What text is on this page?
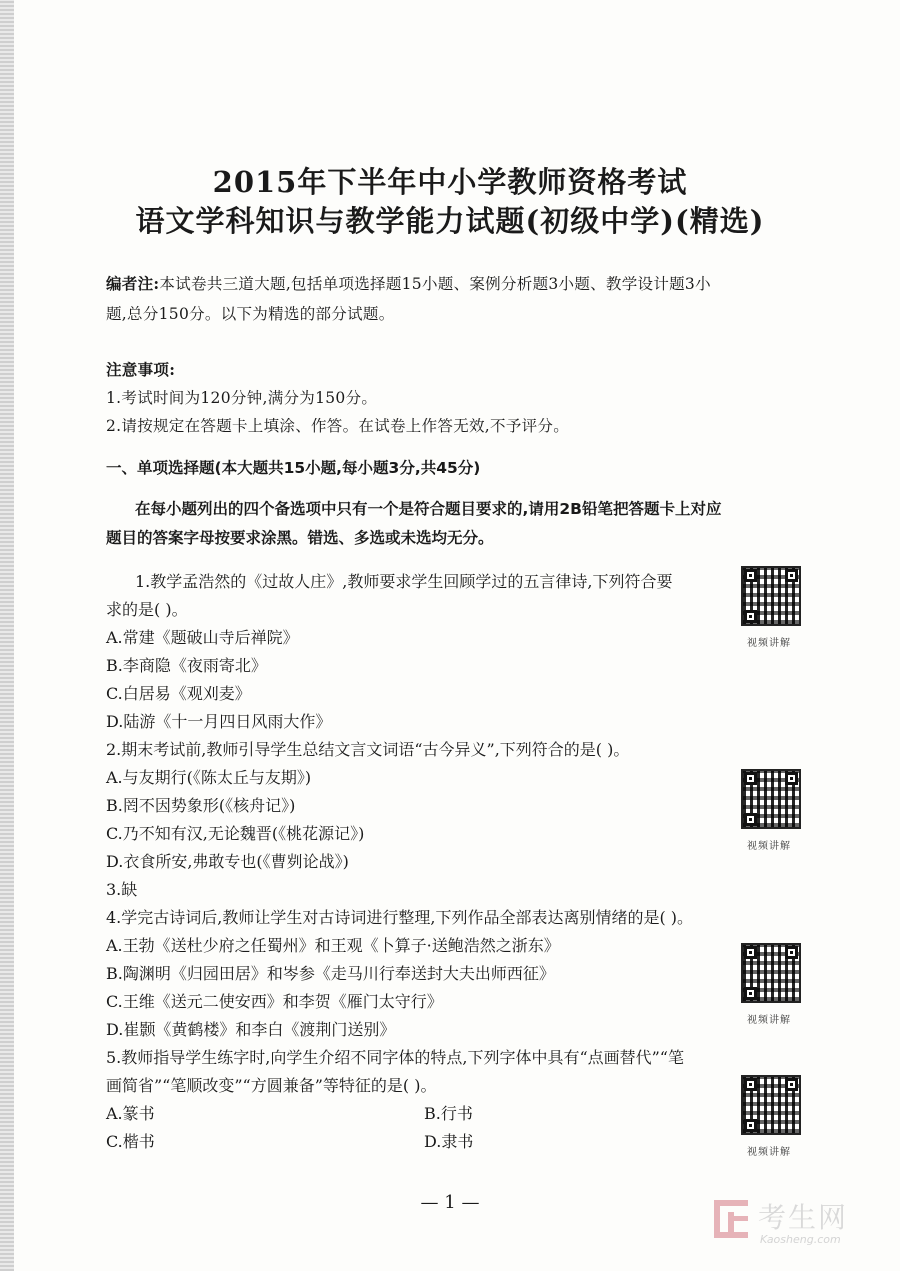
2015年下半年中小学教师资格考试
语文学科知识与教学能力试题(初级中学)(精选)
编者注:本试卷共三道大题,包括单项选择题15小题、案例分析题3小题、教学设计题3小
题,总分150分。以下为精选的部分试题。
注意事项:
1.考试时间为120分钟,满分为150分。
2.请按规定在答题卡上填涂、作答。在试卷上作答无效,不予评分。
一、单项选择题(本大题共15小题,每小题3分,共45分)
在每小题列出的四个备选项中只有一个是符合题目要求的,请用2B铅笔把答题卡上对应
题目的答案字母按要求涂黑。错选、多选或未选均无分。
1.教学孟浩然的《过故人庄》,教师要求学生回顾学过的五言律诗,下列符合要
求的是( )。
A.常建《题破山寺后禅院》
B.李商隐《夜雨寄北》
C.白居易《观刈麦》
D.陆游《十一月四日风雨大作》
2.期末考试前,教师引导学生总结文言文词语“古今异义”,下列符合的是( )。
A.与友期行(《陈太丘与友期》)
B.罔不因势象形(《核舟记》)
C.乃不知有汉,无论魏晋(《桃花源记》)
D.衣食所安,弗敢专也(《曹刿论战》)
3.缺
4.学完古诗词后,教师让学生对古诗词进行整理,下列作品全部表达离别情绪的是( )。
A.王勃《送杜少府之任蜀州》和王观《卜算子·送鲍浩然之浙东》
B.陶渊明《归园田居》和岑参《走马川行奉送封大夫出师西征》
C.王维《送元二使安西》和李贺《雁门太守行》
D.崔颢《黄鹤楼》和李白《渡荆门送别》
5.教师指导学生练字时,向学生介绍不同字体的特点,下列字体中具有“点画替代”“笔
画简省”“笔顺改变”“方圆兼备”等特征的是( )。
A.篆书	B.行书
C.楷书	D.隶书
视频讲解
视频讲解
视频讲解
视频讲解
— 1 —	考生网
Kaosheng.com
